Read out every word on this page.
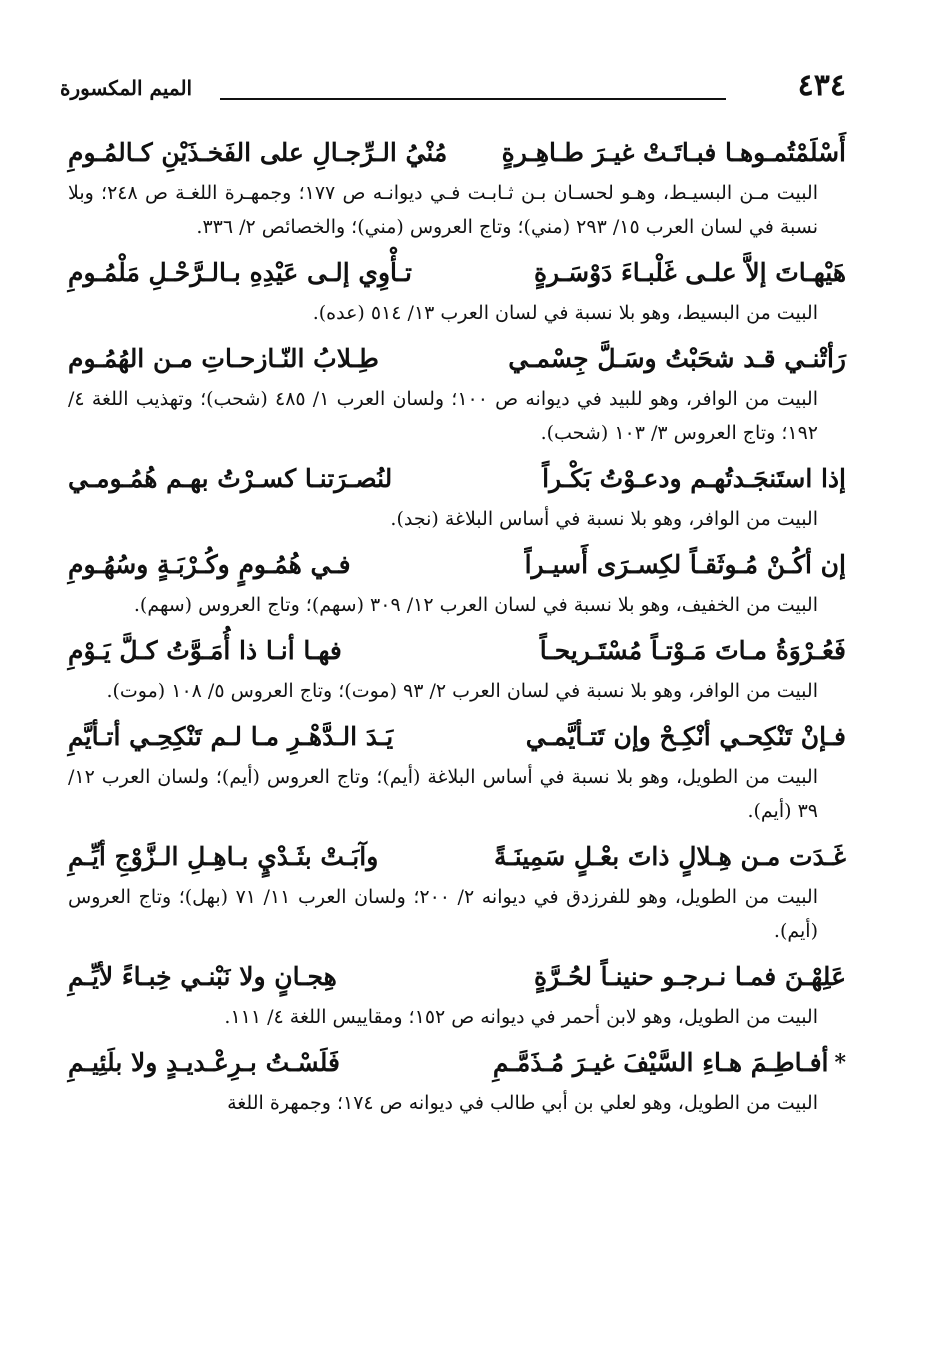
٤٣٤
الميم المكسورة
أَسْلَمْتُمـوهـا فبـاتَـتْ غيـرَ طـاهِـرةٍ
مُنْيُ الـرِّجـالِ على الفَخـذَيْنِ كـالمُـومِ

البيت مـن البسيـط، وهـو لحسـان بـن ثـابـت فـي ديوانـه ص ١٧٧؛ وجمهـرة اللغـة ص ٢٤٨؛ وبلا نسبة في لسان العرب ١٥/ ٢٩٣ (مني)؛ وتاج العروس (مني)؛ والخصائص ٢/ ٣٣٦.

هَيْهـاتَ إلاَّ علـى غَلْبـاءَ دَوْسَـرةٍ
تـأْوِي إلـى عَيْدِهِ بـالـرَّحْـلِ مَلْمُـومِ

البيت من البسيط، وهو بلا نسبة في لسان العرب ١٣/ ٥١٤ (عده).

رَأتْنـي قـد شحَبْتُ وسَـلَّ جِسْمـي
طِـلابُ النّـازحـاتِ مـن الهُمُـوم

البيت من الوافر، وهو للبيد في ديوانه ص ١٠٠؛ ولسان العرب ١/ ٤٨٥ (شحب)؛ وتهذيب اللغة ٤/ ١٩٢؛ وتاج العروس ٣/ ١٠٣ (شحب).

إذا استَنجَـدتُهـم ودعـوْتُ بَكْـراً
لنُصـرَتنـا كسـرْتُ بهـم هُمُـومـي

البيت من الوافر، وهو بلا نسبة في أساس البلاغة (نجد).

إن أكُـنْ مُـوثَقـاً لكِسـرَى أَسيـراً
فـي هُمُـومٍ وكُـرْبَـةٍ وسُهُـومِ

البيت من الخفيف، وهو بلا نسبة في لسان العرب ١٢/ ٣٠٩ (سهم)؛ وتاج العروس (سهم).

فَعُـرْوَةُ مـاتَ مَـوْتـاً مُسْتَـريحـاً
فهـا أنـا ذا أُمَـوَّتُ كـلَّ يَـوْمِ

البيت من الوافر، وهو بلا نسبة في لسان العرب ٢/ ٩٣ (موت)؛ وتاج العروس ٥/ ١٠٨ (موت).

فـإنْ تَنْكِحـي أنْكِـحْ وإن تَتـأيَّمـي
يَـدَ الـدَّهْـرِ مـا لـم تَنْكِحِـي أتـأيَّمِ

البيت من الطويل، وهو بلا نسبة في أساس البلاغة (أيم)؛ وتاج العروس (أيم)؛ ولسان العرب ١٢/ ٣٩ (أيم).

غَـدَت مـن هِـلالٍ ذاتَ بعْـلٍ سَمِينَـةً
وآبَـتْ بثَـدْيٍ بـاهِـلِ الـزَّوْجِ أيِّـمِ

البيت من الطويل، وهو للفرزدق في ديوانه ٢/ ٢٠٠؛ ولسان العرب ١١/ ٧١ (بهل)؛ وتاج العروس (أيم).

عَلِهْـنَ فمـا نـرجـو حنينـاً لحُـرَّةٍ
هِجـانٍ ولا نَبْنـي خِبـاءً لأيِّـمِ

البيت من الطويل، وهو لابن أحمر في ديوانه ص ١٥٢؛ ومقاييس اللغة ٤/ ١١١.

*
أفـاطِـمَ هـاءِ السَّيْفَ غيـرَ مُـذَمَّـمِ
فَلَسْـتُ بـرِعْـديـدٍ ولا بلَئِيـمِ

البيت من الطويل، وهو لعلي بن أبي طالب في ديوانه ص ١٧٤؛ وجمهرة اللغة
